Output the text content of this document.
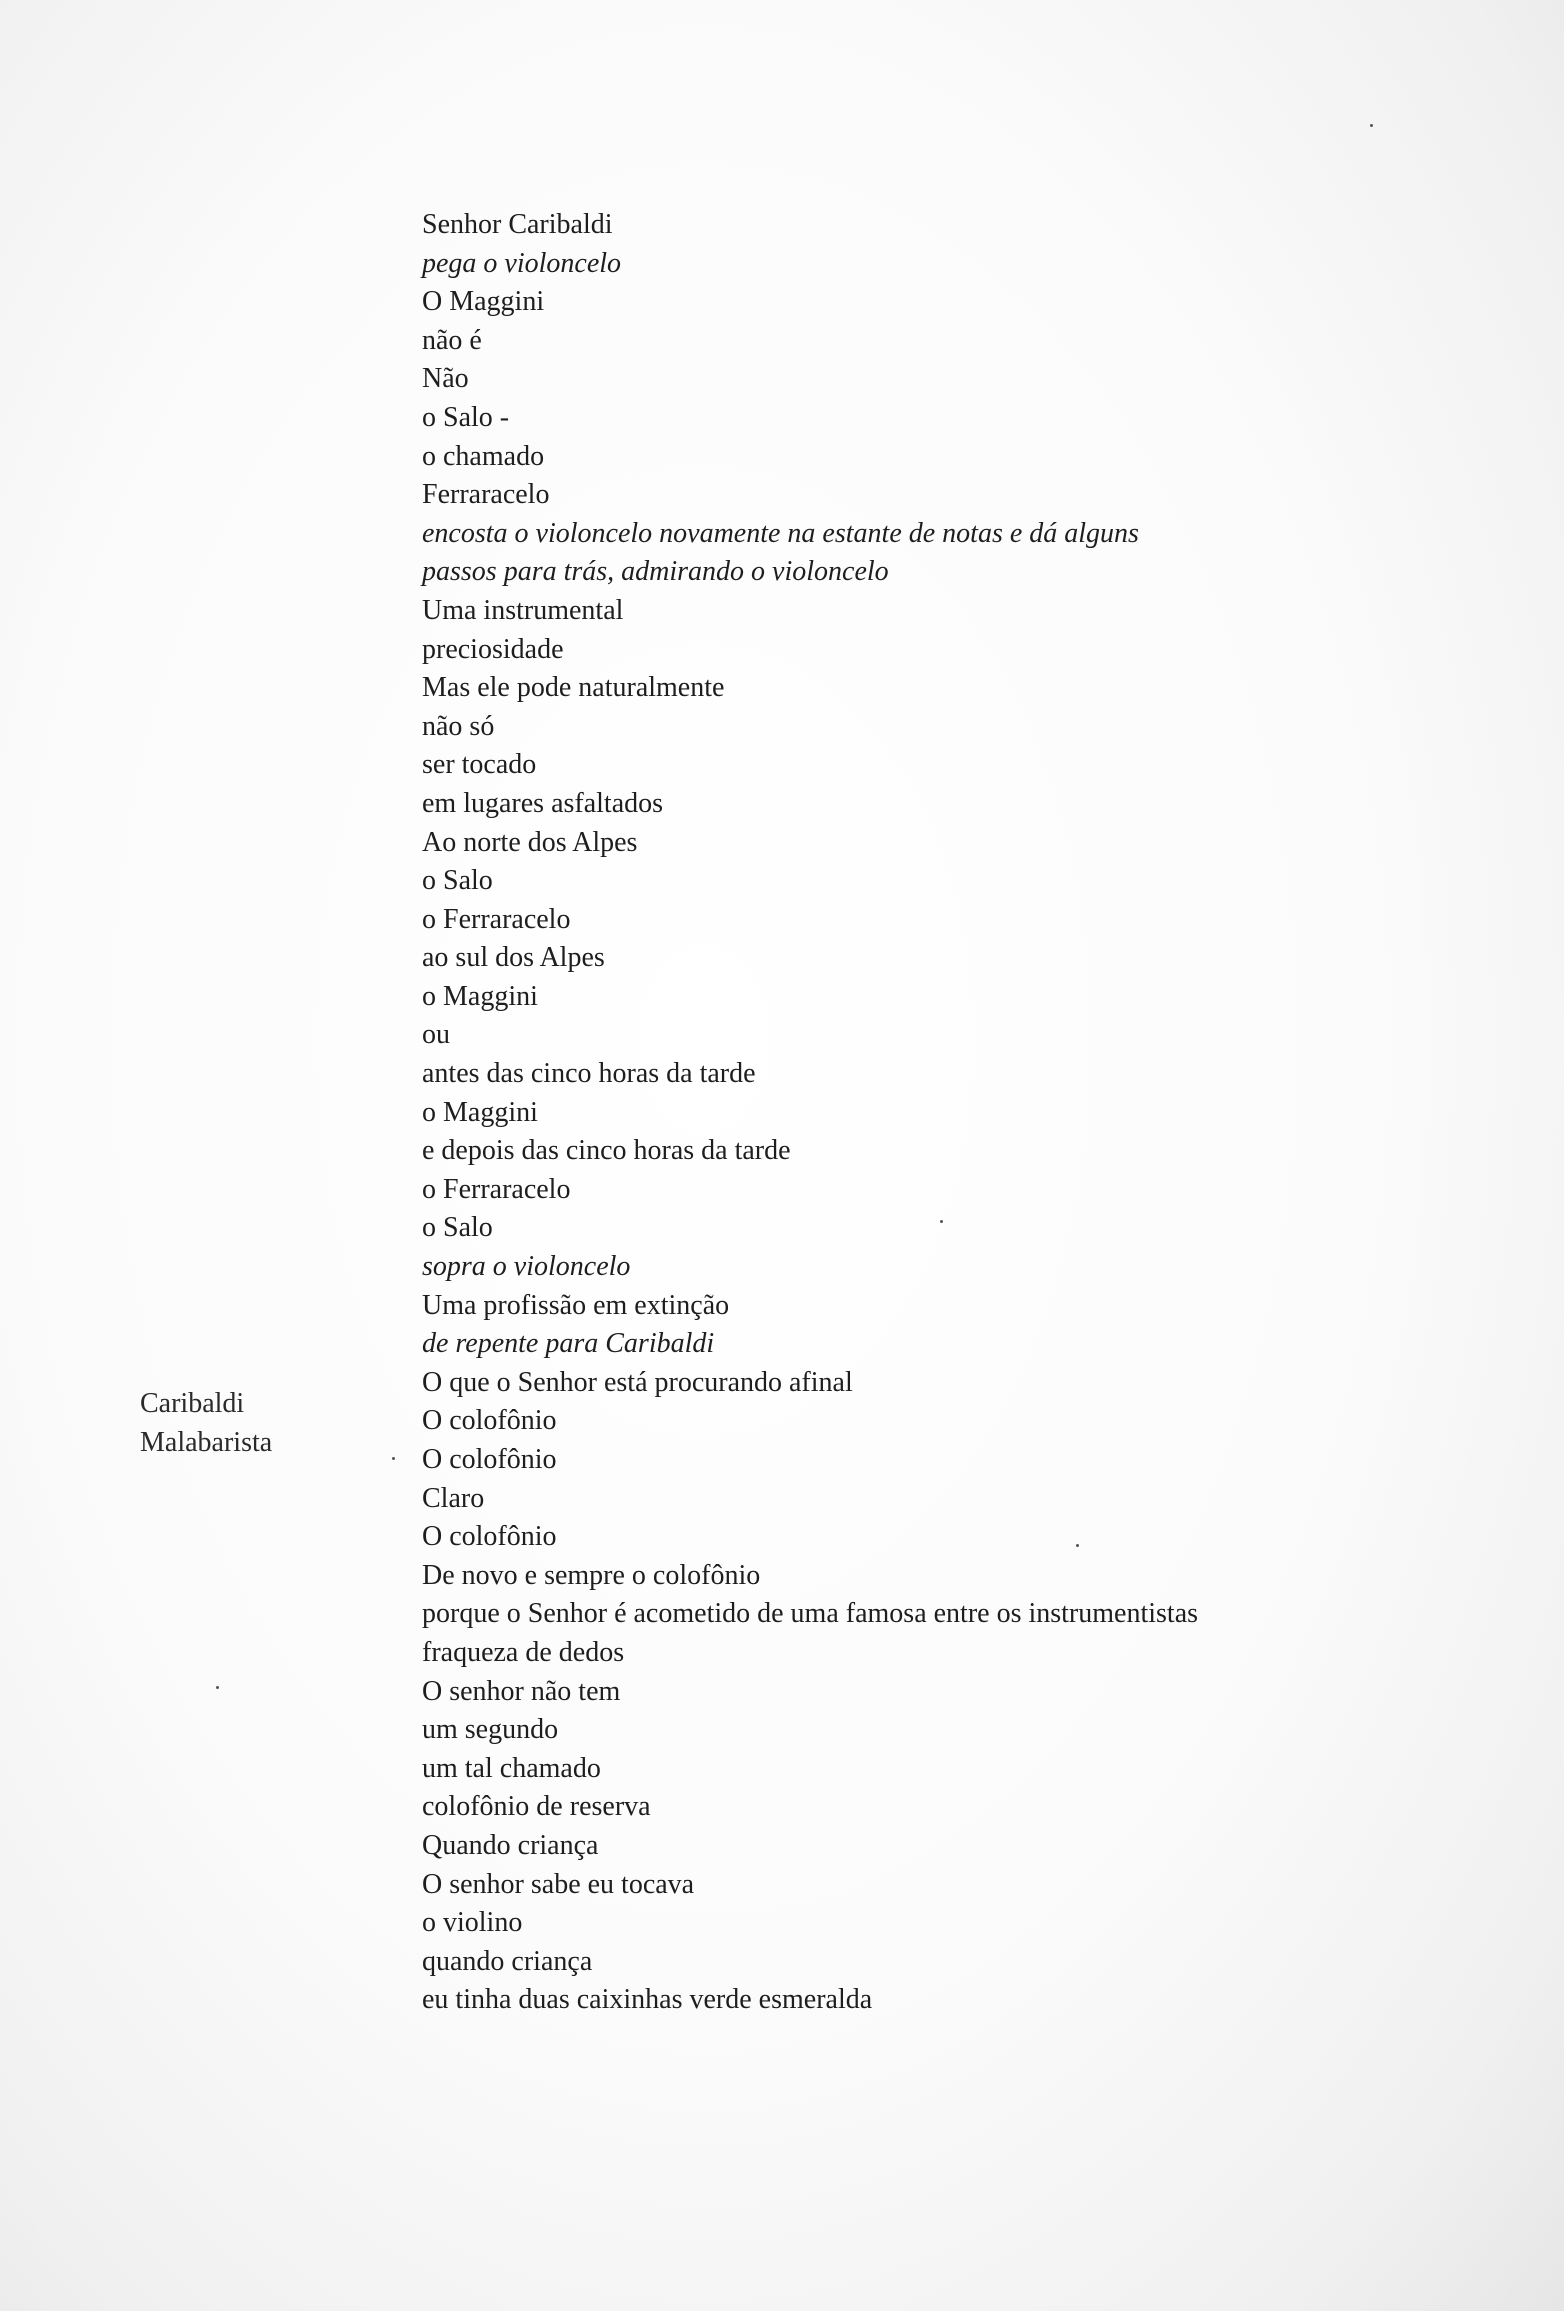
Caribaldi
Malabarista
Senhor Caribaldi
pega o violoncelo
O Maggini
não é
Não
o Salo -
o chamado
Ferraracelo
encosta o violoncelo novamente na estante de notas e dá alguns
passos para trás, admirando o violoncelo
Uma instrumental
preciosidade
Mas ele pode naturalmente
não só
ser tocado
em lugares asfaltados
Ao norte dos Alpes
o Salo
o Ferraracelo
ao sul dos Alpes
o Maggini
ou
antes das cinco horas da tarde
o Maggini
e depois das cinco horas da tarde
o Ferraracelo
o Salo
sopra o violoncelo
Uma profissão em extinção
de repente para Caribaldi
O que o Senhor está procurando afinal
O colofônio
O colofônio
Claro
O colofônio
De novo e sempre o colofônio
porque o Senhor é acometido de uma famosa entre os instrumentistas
fraqueza de dedos
O senhor não tem
um segundo
um tal chamado
colofônio de reserva
Quando criança
O senhor sabe eu tocava
o violino
quando criança
eu tinha duas caixinhas verde esmeralda
